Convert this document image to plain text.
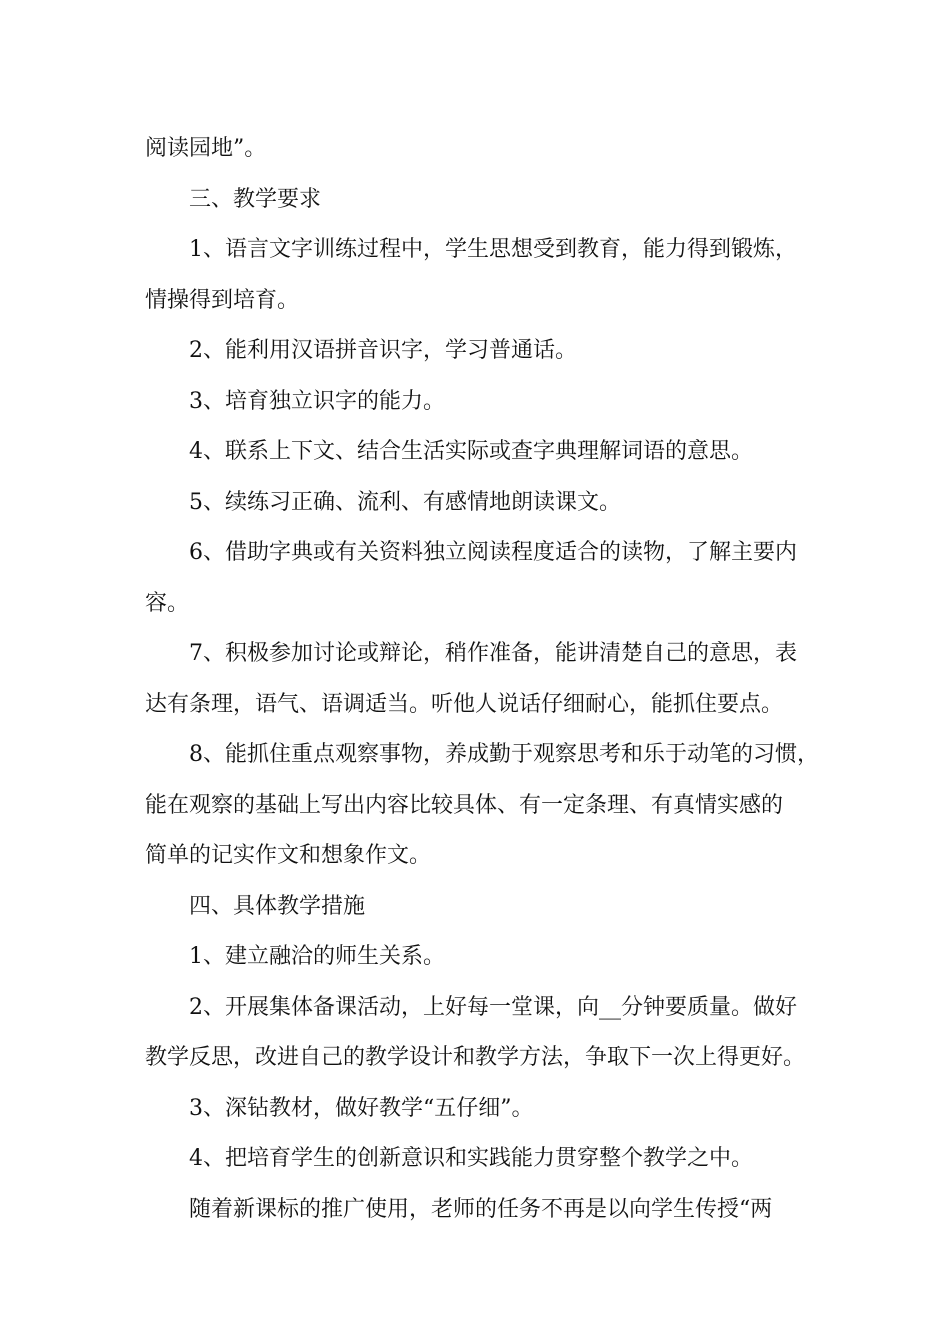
阅读园地”。
三、教学要求
1、语言文字训练过程中，学生思想受到教育，能力得到锻炼，
情操得到培育。
2、能利用汉语拼音识字，学习普通话。
3、培育独立识字的能力。
4、联系上下文、结合生活实际或查字典理解词语的意思。
5、续练习正确、流利、有感情地朗读课文。
6、借助字典或有关资料独立阅读程度适合的读物，了解主要内
容。
7、积极参加讨论或辩论，稍作准备，能讲清楚自己的意思，表
达有条理，语气、语调适当。听他人说话仔细耐心，能抓住要点。
8、能抓住重点观察事物，养成勤于观察思考和乐于动笔的习惯，
能在观察的基础上写出内容比较具体、有一定条理、有真情实感的
简单的记实作文和想象作文。
四、具体教学措施
1、建立融洽的师生关系。
2、开展集体备课活动，上好每一堂课，向__分钟要质量。做好
教学反思，改进自己的教学设计和教学方法，争取下一次上得更好。
3、深钻教材，做好教学“五仔细”。
4、把培育学生的创新意识和实践能力贯穿整个教学之中。
随着新课标的推广使用，老师的任务不再是以向学生传授“两
